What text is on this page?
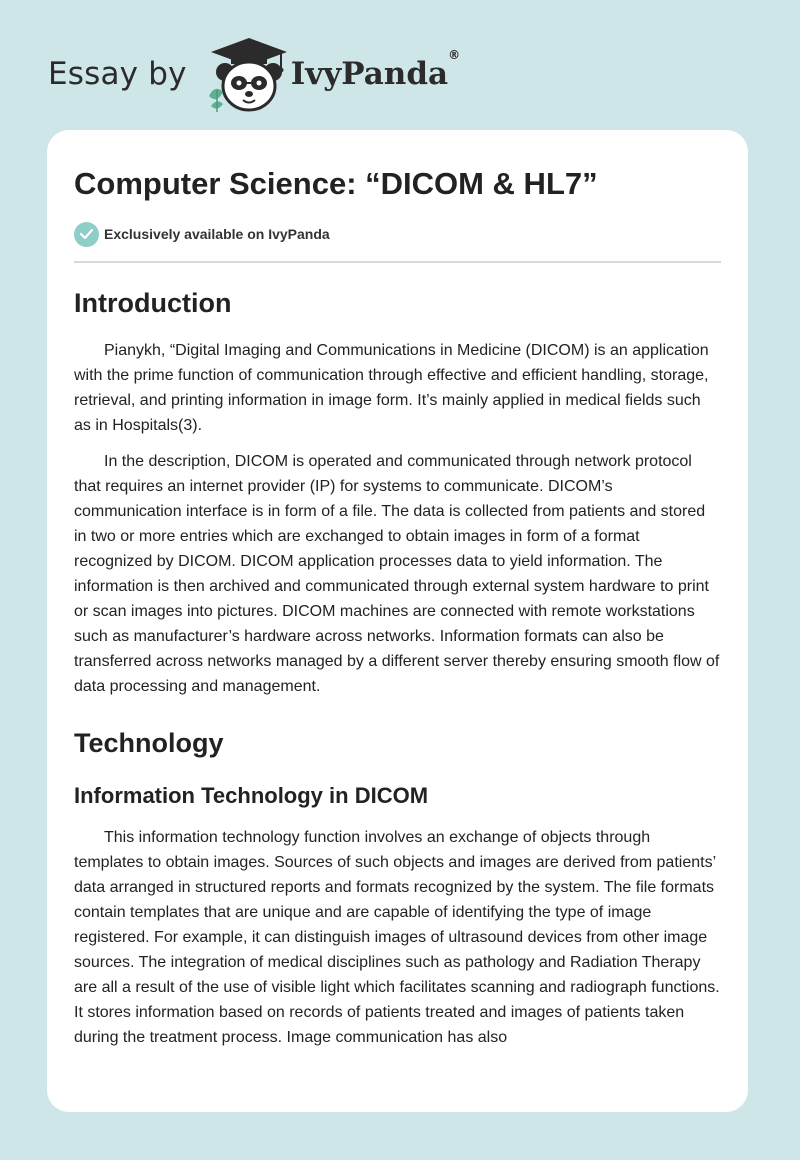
Essay by	IvyPanda®
Computer Science: “DICOM & HL7”
Exclusively available on IvyPanda
Introduction

Pianykh, “Digital Imaging and Communications in Medicine (DICOM) is an application with the prime function of communication through effective and efficient handling, storage, retrieval, and printing information in image form. It’s mainly applied in medical fields such as in Hospitals(3).

In the description, DICOM is operated and communicated through network protocol that requires an internet provider (IP) for systems to communicate. DICOM’s communication interface is in form of a file. The data is collected from patients and stored in two or more entries which are exchanged to obtain images in form of a format recognized by DICOM. DICOM application processes data to yield information. The information is then archived and communicated through external system hardware to print or scan images into pictures. DICOM machines are connected with remote workstations such as manufacturer’s hardware across networks. Information formats can also be transferred across networks managed by a different server thereby ensuring smooth flow of data processing and management.

Technology
Information Technology in DICOM

This information technology function involves an exchange of objects through templates to obtain images. Sources of such objects and images are derived from patients’ data arranged in structured reports and formats recognized by the system. The file formats contain templates that are unique and are capable of identifying the type of image registered. For example, it can distinguish images of ultrasound devices from other image sources. The integration of medical disciplines such as pathology and Radiation Therapy are all a result of the use of visible light which facilitates scanning and radiograph functions. It stores information based on records of patients treated and images of patients taken during the treatment process. Image communication has also
